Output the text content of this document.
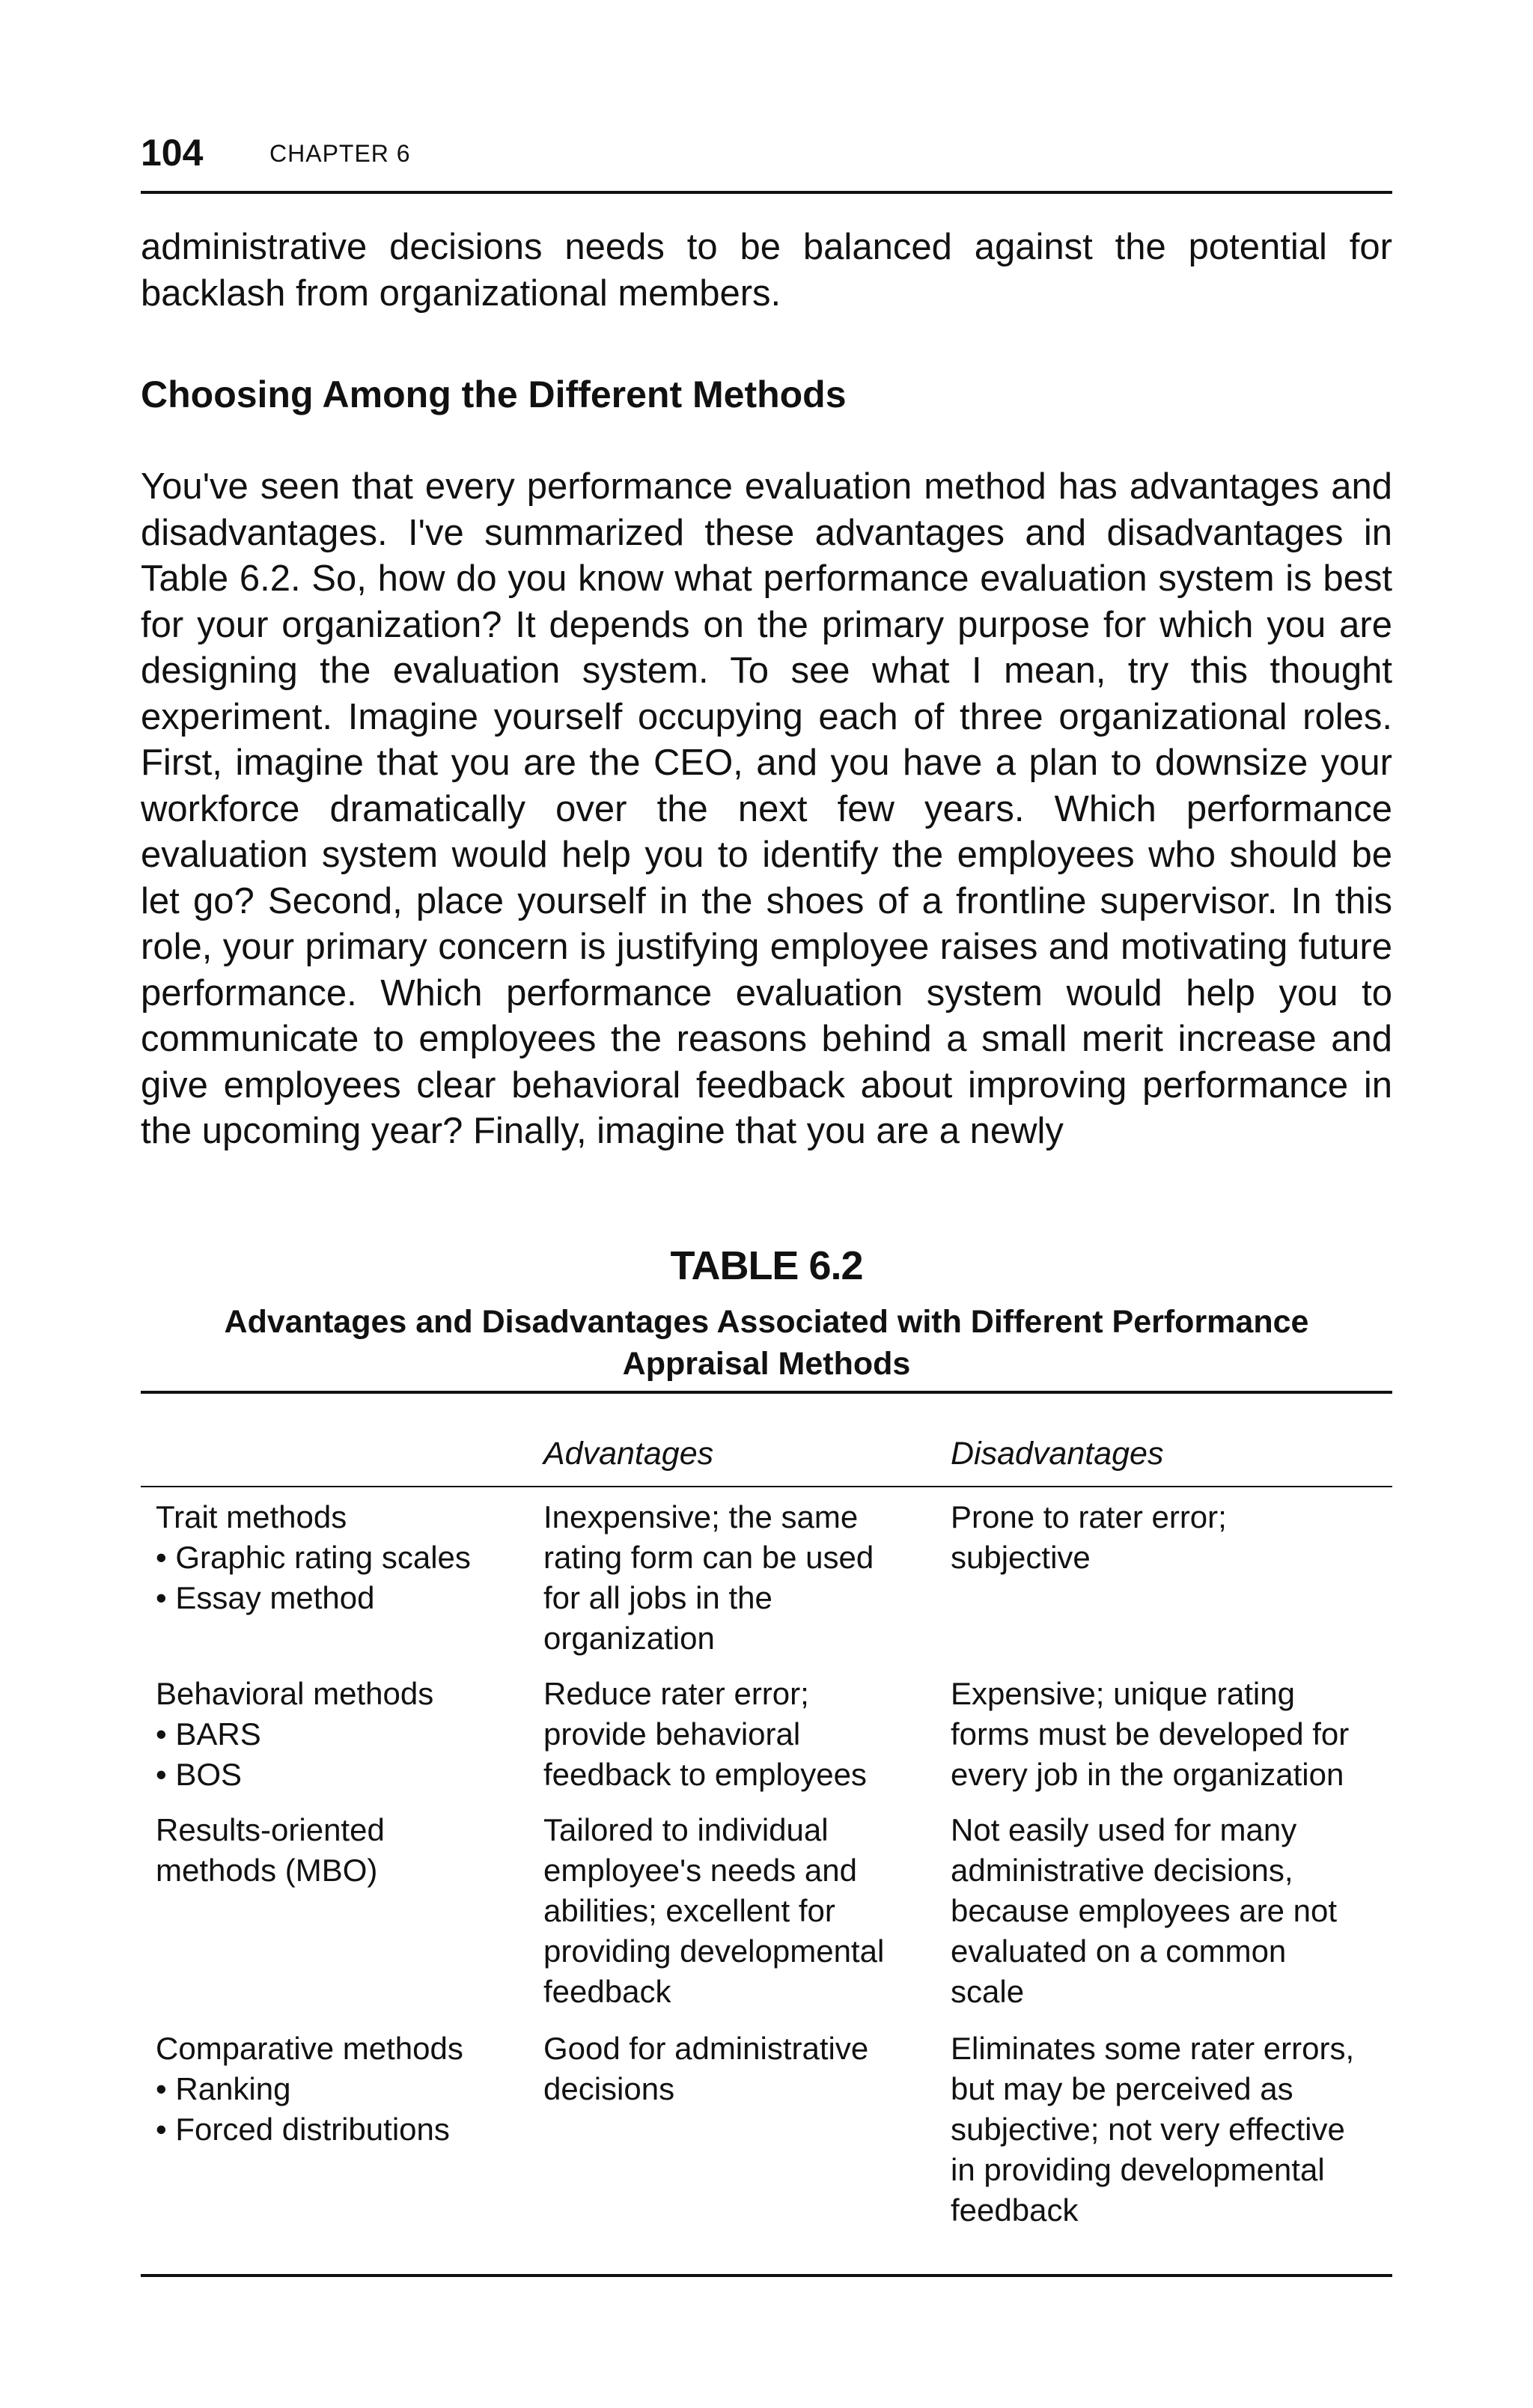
104	CHAPTER 6

administrative decisions needs to be balanced against the potential for backlash from organizational members.

Choosing Among the Different Methods

You've seen that every performance evaluation method has advantages and disadvantages. I've summarized these advantages and disadvantages in Table 6.2. So, how do you know what performance evaluation system is best for your organization? It depends on the primary purpose for which you are designing the evaluation system. To see what I mean, try this thought experiment. Imagine yourself occupying each of three organizational roles. First, imagine that you are the CEO, and you have a plan to downsize your workforce dramatically over the next few years. Which performance evaluation system would help you to identify the employees who should be let go? Second, place yourself in the shoes of a frontline supervisor. In this role, your primary concern is justifying employee raises and motivating future performance. Which performance evaluation system would help you to communicate to employees the reasons behind a small merit increase and give employees clear behavioral feedback about improving performance in the upcoming year? Finally, imagine that you are a newly

TABLE 6.2
Advantages and Disadvantages Associated with Different Performance
Appraisal Methods
Advantages	Disadvantages
Trait methods
• Graphic rating scales
• Essay method
Inexpensive; the same
rating form can be used
for all jobs in the
organization
Prone to rater error;
subjective
Behavioral methods
• BARS
• BOS
Reduce rater error;
provide behavioral
feedback to employees
Expensive; unique rating
forms must be developed for
every job in the organization
Results-oriented
methods (MBO)
Tailored to individual
employee's needs and
abilities; excellent for
providing developmental
feedback
Not easily used for many
administrative decisions,
because employees are not
evaluated on a common
scale
Comparative methods
• Ranking
• Forced distributions
Good for administrative
decisions
Eliminates some rater errors,
but may be perceived as
subjective; not very effective
in providing developmental
feedback
